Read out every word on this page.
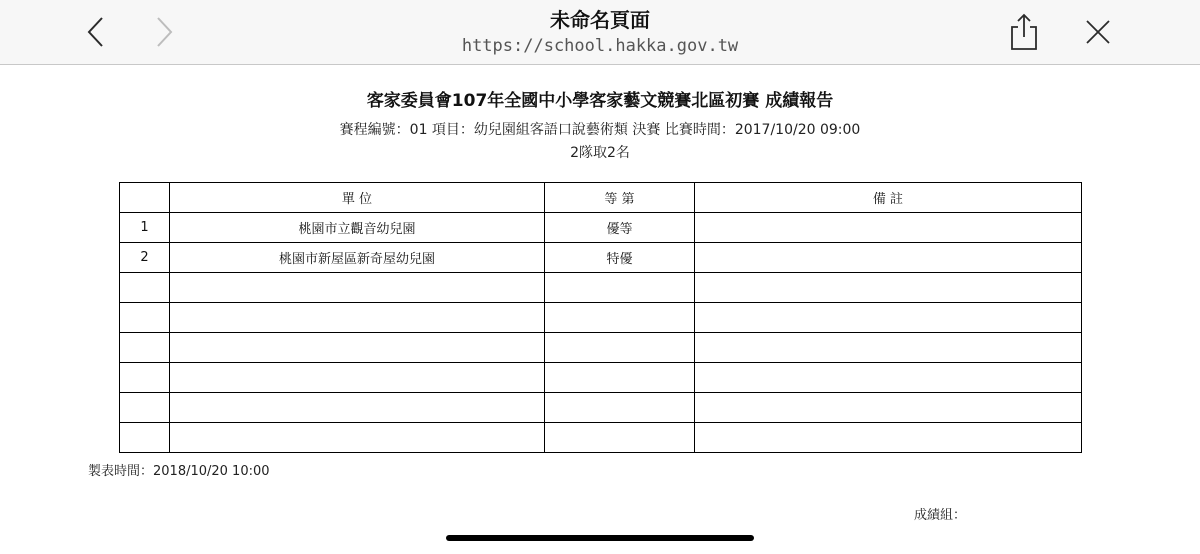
未命名頁面
https://school.hakka.gov.tw
客家委員會107年全國中小學客家藝文競賽北區初賽 成績報告
賽程編號：01 項目：幼兒園組客語口說藝術類 決賽 比賽時間：2017/10/20 09:00
2隊取2名
	單 位	等 第	備 註
1	桃園市立觀音幼兒園	優等	
2	桃園市新屋區新奇屋幼兒園	特優	

製表時間：2018/10/20 10:00
成績組：
